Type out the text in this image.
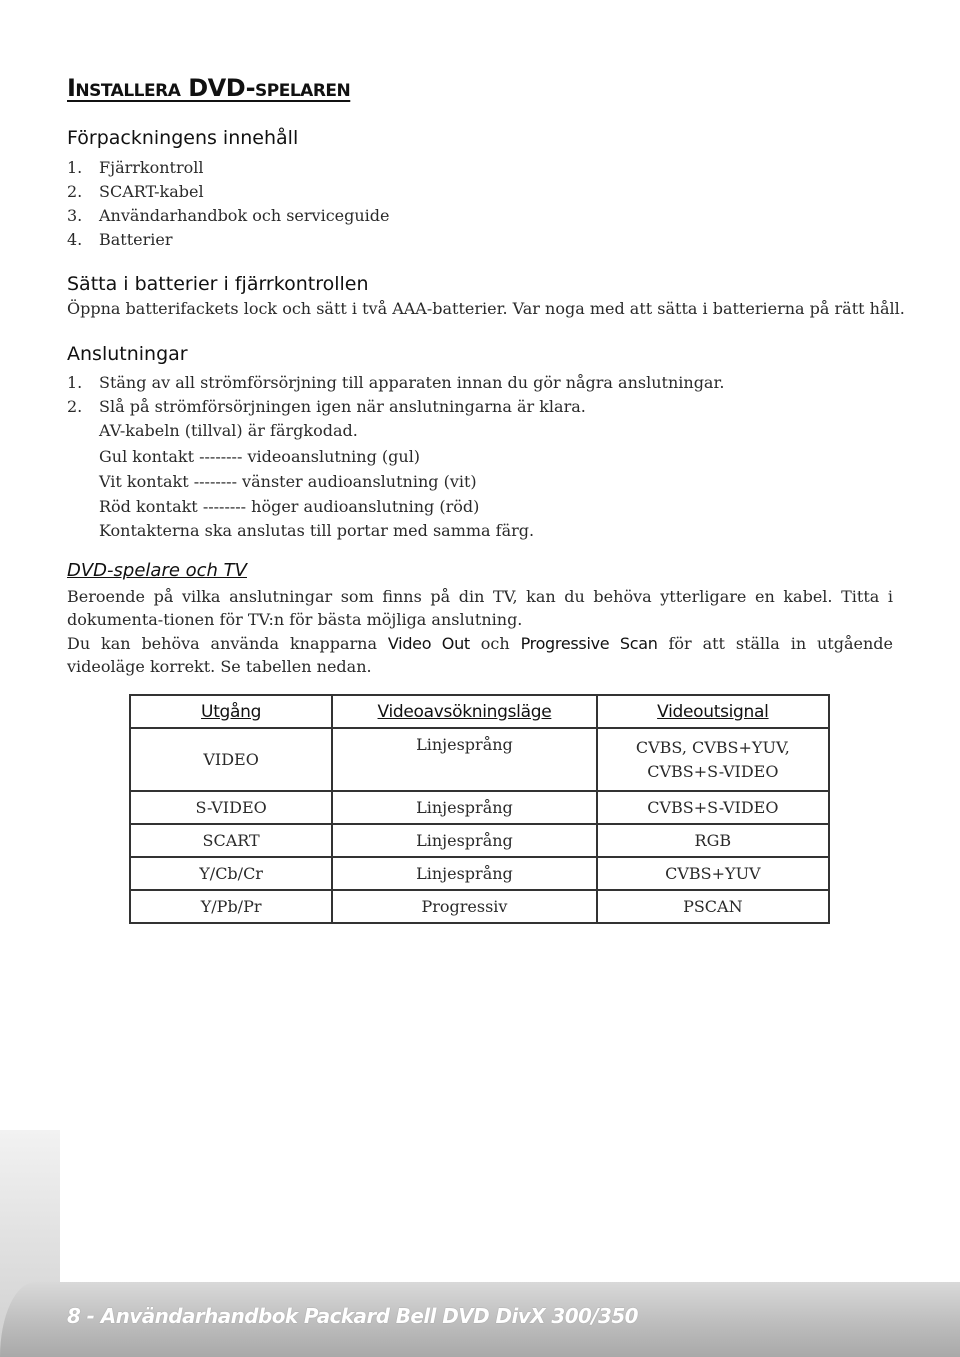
Installera DVD-spelaren
Förpackningens innehåll
1. Fjärrkontroll
2. SCART-kabel
3. Användarhandbok och serviceguide
4. Batterier
Sätta i batterier i fjärrkontrollen
Öppna batterifackets lock och sätt i två AAA-batterier. Var noga med att sätta i batterierna på rätt håll.
Anslutningar
1. Stäng av all strömförsörjning till apparaten innan du gör några anslutningar.
2. Slå på strömförsörjningen igen när anslutningarna är klara.
AV-kabeln (tillval) är färgkodad.
Gul kontakt -------- videoanslutning (gul)
Vit kontakt -------- vänster audioanslutning (vit)
Röd kontakt -------- höger audioanslutning (röd)
Kontakterna ska anslutas till portar med samma färg.
DVD-spelare och TV
Beroende på vilka anslutningar som finns på din TV, kan du behöva ytterligare en kabel. Titta i dokumenta-tionen för TV:n för bästa möjliga anslutning.
Du kan behöva använda knapparna Video Out och Progressive Scan för att ställa in utgående videoläge korrekt. Se tabellen nedan.
Utgång	Videoavsökningsläge	Videoutsignal
VIDEO	Linjesprång	CVBS, CVBS+YUV,
CVBS+S-VIDEO

S-VIDEO	Linjesprång	CVBS+S-VIDEO
SCART	Linjesprång	RGB
Y/Cb/Cr	Linjesprång	CVBS+YUV
Y/Pb/Pr	Progressiv	PSCAN
8 - Användarhandbok Packard Bell DVD DivX 300/350
